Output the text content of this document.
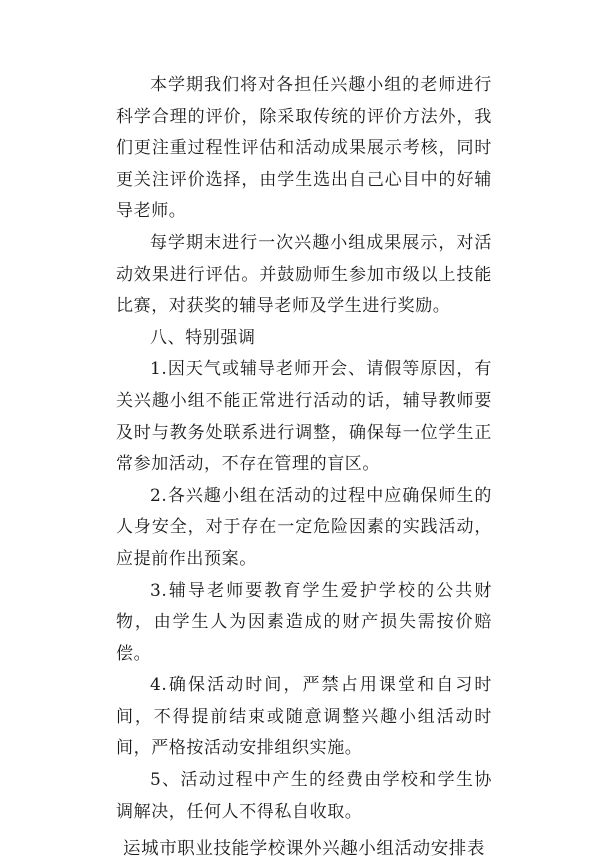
本学期我们将对各担任兴趣小组的老师进行科学合理的评价，除采取传统的评价方法外，我们更注重过程性评估和活动成果展示考核，同时更关注评价选择，由学生选出自己心目中的好辅导老师。

每学期末进行一次兴趣小组成果展示，对活动效果进行评估。并鼓励师生参加市级以上技能比赛，对获奖的辅导老师及学生进行奖励。

八、特别强调

1.因天气或辅导老师开会、请假等原因，有关兴趣小组不能正常进行活动的话，辅导教师要及时与教务处联系进行调整，确保每一位学生正常参加活动，不存在管理的盲区。

2.各兴趣小组在活动的过程中应确保师生的人身安全，对于存在一定危险因素的实践活动，应提前作出预案。

3.辅导老师要教育学生爱护学校的公共财物，由学生人为因素造成的财产损失需按价赔偿。

4.确保活动时间，严禁占用课堂和自习时间，不得提前结束或随意调整兴趣小组活动时间，严格按活动安排组织实施。

5、活动过程中产生的经费由学校和学生协调解决，任何人不得私自收取。

运城市职业技能学校课外兴趣小组活动安排表
